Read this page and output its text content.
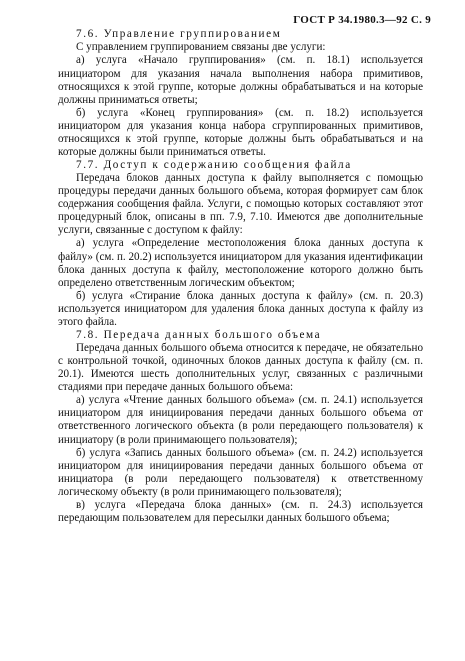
ГОСТ Р 34.1980.3—92 С. 9
7.6. Управление группированием

С управлением группированием связаны две услуги:

а) услуга «Начало группирования» (см. п. 18.1) используется инициатором для указания начала выполнения набора примитивов, относящихся к этой группе, которые должны обрабатываться и на которые должны приниматься ответы;

б) услуга «Конец группирования» (см. п. 18.2) используется инициатором для указания конца набора сгруппированных примитивов, относящихся к этой группе, которые должны быть обрабатываться и на которые должны были приниматься ответы.

7.7. Доступ к содержанию сообщения файла

Передача блоков данных доступа к файлу выполняется с помощью процедуры передачи данных большого объема, которая формирует сам блок содержания сообщения файла. Услуги, с помощью которых составляют этот процедурный блок, описаны в пп. 7.9, 7.10. Имеются две дополнительные услуги, связанные с доступом к файлу:

а) услуга «Определение местоположения блока данных доступа к файлу» (см. п. 20.2) используется инициатором для указания идентификации блока данных доступа к файлу, местоположение которого должно быть определено ответственным логическим объектом;

б) услуга «Стирание блока данных доступа к файлу» (см. п. 20.3) используется инициатором для удаления блока данных доступа к файлу из этого файла.

7.8. Передача данных большого объема

Передача данных большого объема относится к передаче, не обязательно с контрольной точкой, одиночных блоков данных доступа к файлу (см. п. 20.1). Имеются шесть дополнительных услуг, связанных с различными стадиями при передаче данных большого объема:

а) услуга «Чтение данных большого объема» (см. п. 24.1) используется инициатором для инициирования передачи данных большого объема от ответственного логического объекта (в роли передающего пользователя) к инициатору (в роли принимающего пользователя);

б) услуга «Запись данных большого объема» (см. п. 24.2) используется инициатором для инициирования передачи данных большого объема от инициатора (в роли передающего пользователя) к ответственному логическому объекту (в роли принимающего пользователя);

в) услуга «Передача блока данных» (см. п. 24.3) используется передающим пользователем для пересылки данных большого объема;
